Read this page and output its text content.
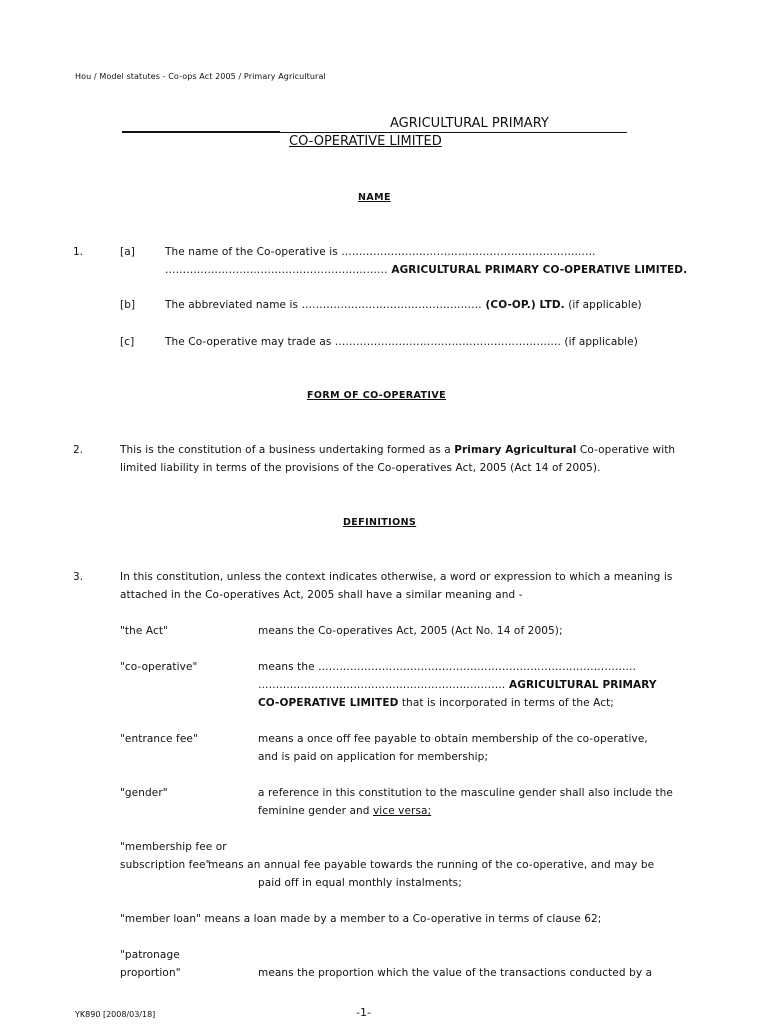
Hou / Model statutes - Co-ops Act 2005 / Primary Agricultural
AGRICULTURAL PRIMARY
CO-OPERATIVE LIMITED
NAME
1.	[a]	The name of the Co-operative is ………………………………………………………………
……………………………………………………… AGRICULTURAL PRIMARY CO-OPERATIVE LIMITED.
[b]	The abbreviated name is …………………………………………… (CO-OP.) LTD. (if applicable)
[c]	The Co-operative may trade as ………………………………………………………. (if applicable)
FORM OF CO-OPERATIVE
2.	This is the constitution of a business undertaking formed as a Primary Agricultural Co-operative with
limited liability in terms of the provisions of the Co-operatives Act, 2005 (Act 14 of 2005).
DEFINITIONS
3.	In this constitution, unless the context indicates otherwise, a word or expression to which a meaning is
attached in the Co-operatives Act, 2005 shall have a similar meaning and -
"the Act"	means the Co-operatives Act, 2005 (Act No. 14 of 2005);
"co-operative"	means the ………………………………………………………………………………
……………………………………………………………. AGRICULTURAL PRIMARY
CO-OPERATIVE LIMITED that is incorporated in terms of the Act;
"entrance fee"	means a once off fee payable to obtain membership of the co-operative,
and is paid on application for membership;
"gender"	a reference in this constitution to the masculine gender shall also include the
feminine gender and vice versa;
"membership fee or
subscription fee"
means an annual fee payable towards the running of the co-operative, and may be
paid off in equal monthly instalments;
"member loan" means a loan made by a member to a Co-operative in terms of clause 62;
"patronage
proportion"	means the proportion which the value of the transactions conducted by a
YK890 [2008/03/18]	-1-
